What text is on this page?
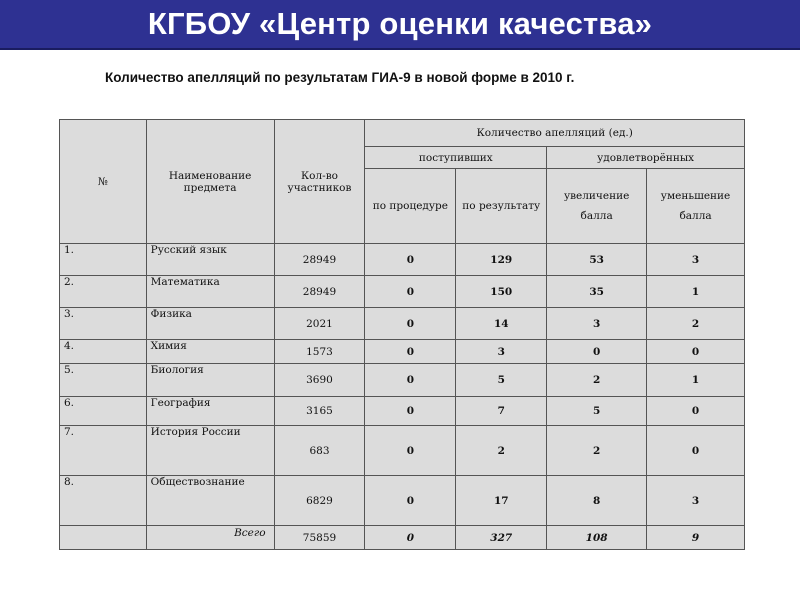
КГБОУ «Центр оценки качества»
Количество апелляций по результатам ГИА-9 в новой форме в 2010 г.
№	Наименование предмета	Кол-во участников	Количество апелляций (ед.)			
			поступивших		удовлетворённых	
			по процедуре	по результату	увеличение балла	уменьшение балла
1.	Русский язык	28949	0	129	53	3
2.	Математика	28949	0	150	35	1
3.	Физика	2021	0	14	3	2
4.	Химия	1573	0	3	0	0
5.	Биология	3690	0	5	2	1
6.	География	3165	0	7	5	0
7.	История России	683	0	2	2	0
8.	Обществознание	6829	0	17	8	3
	Всего	75859	0	327	108	9
